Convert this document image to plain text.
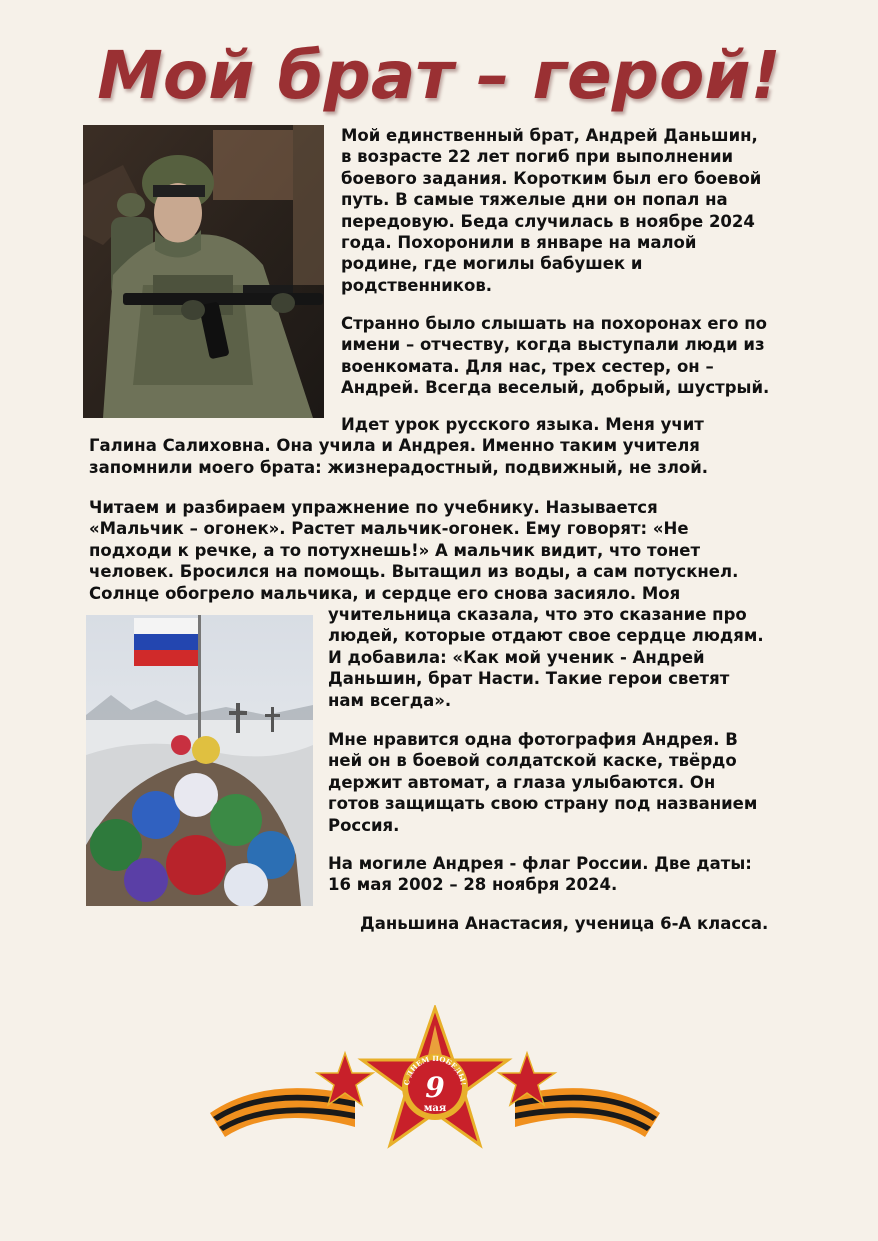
Мой брат – герой!
Мой единственный брат, Андрей Даньшин,
в возрасте 22 лет погиб при выполнении
боевого задания. Коротким был его боевой
путь. В самые тяжелые дни он попал на
передовую. Беда случилась в ноябре 2024
года. Похоронили в январе на малой
родине, где могилы бабушек и
родственников.
Странно было слышать на похоронах его по
имени – отчеству, когда выступали люди из
военкомата. Для нас, трех сестер, он –
Андрей. Всегда веселый, добрый, шустрый.
Идет урок русского языка. Меня учит
Галина Салиховна. Она учила и Андрея. Именно таким учителя
запомнили моего брата: жизнерадостный, подвижный, не злой.
Читаем и разбираем упражнение по учебнику. Называется
«Мальчик – огонек». Растет мальчик-огонек. Ему говорят: «Не
подходи к речке, а то потухнешь!» А мальчик видит, что тонет
человек. Бросился на помощь. Вытащил из воды, а сам потускнел.
Солнце обогрело мальчика, и сердце его снова засияло. Моя
учительница сказала, что это сказание про
людей, которые отдают свое сердце людям.
И добавила: «Как мой ученик - Андрей
Даньшин, брат Насти. Такие герои светят
нам всегда».
Мне нравится одна фотография Андрея. В
ней он в боевой солдатской каске, твёрдо
держит автомат, а глаза улыбаются. Он
готов защищать свою страну под названием
Россия.
На могиле Андрея - флаг России. Две даты:
16 мая 2002 – 28 ноября 2024.
Даньшина Анастасия, ученица 6-А класса.
С ДНЕМ ПОБЕДЫ!
9
мая
